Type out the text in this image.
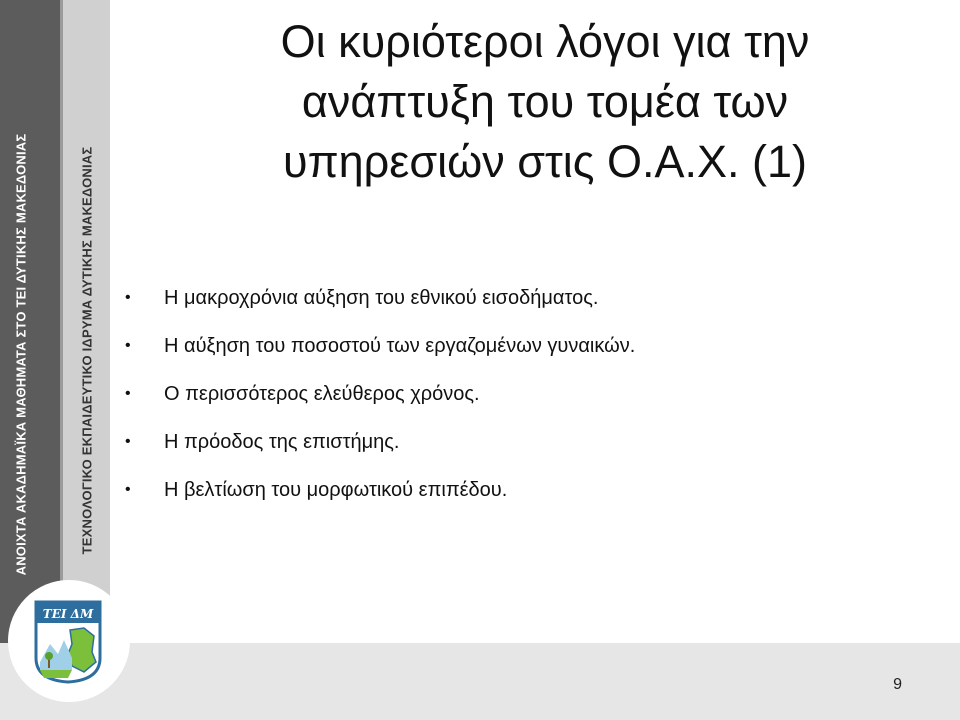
ΑΝΟΙΧΤΑ ΑΚΑΔΗΜΑΪΚΑ ΜΑΘΗΜΑΤΑ ΣΤΟ ΤΕΙ ΔΥΤΙΚΗΣ ΜΑΚΕΔΟΝΙΑΣ	ΤΕΧΝΟΛΟΓΙΚΟ ΕΚΠΑΙΔΕΥΤΙΚΟ ΙΔΡΥΜΑ ΔΥΤΙΚΗΣ ΜΑΚΕΔΟΝΙΑΣ
ΤΕΙ ΔΜ
Οι κυριότεροι λόγοι για την
ανάπτυξη του τομέα των
υπηρεσιών στις Ο.Α.Χ. (1)
• Η μακροχρόνια αύξηση του εθνικού εισοδήματος.
• Η αύξηση του ποσοστού των εργαζομένων γυναικών.
• Ο περισσότερος ελεύθερος χρόνος.
• Η πρόοδος της επιστήμης.
• Η βελτίωση του μορφωτικού επιπέδου.
9
